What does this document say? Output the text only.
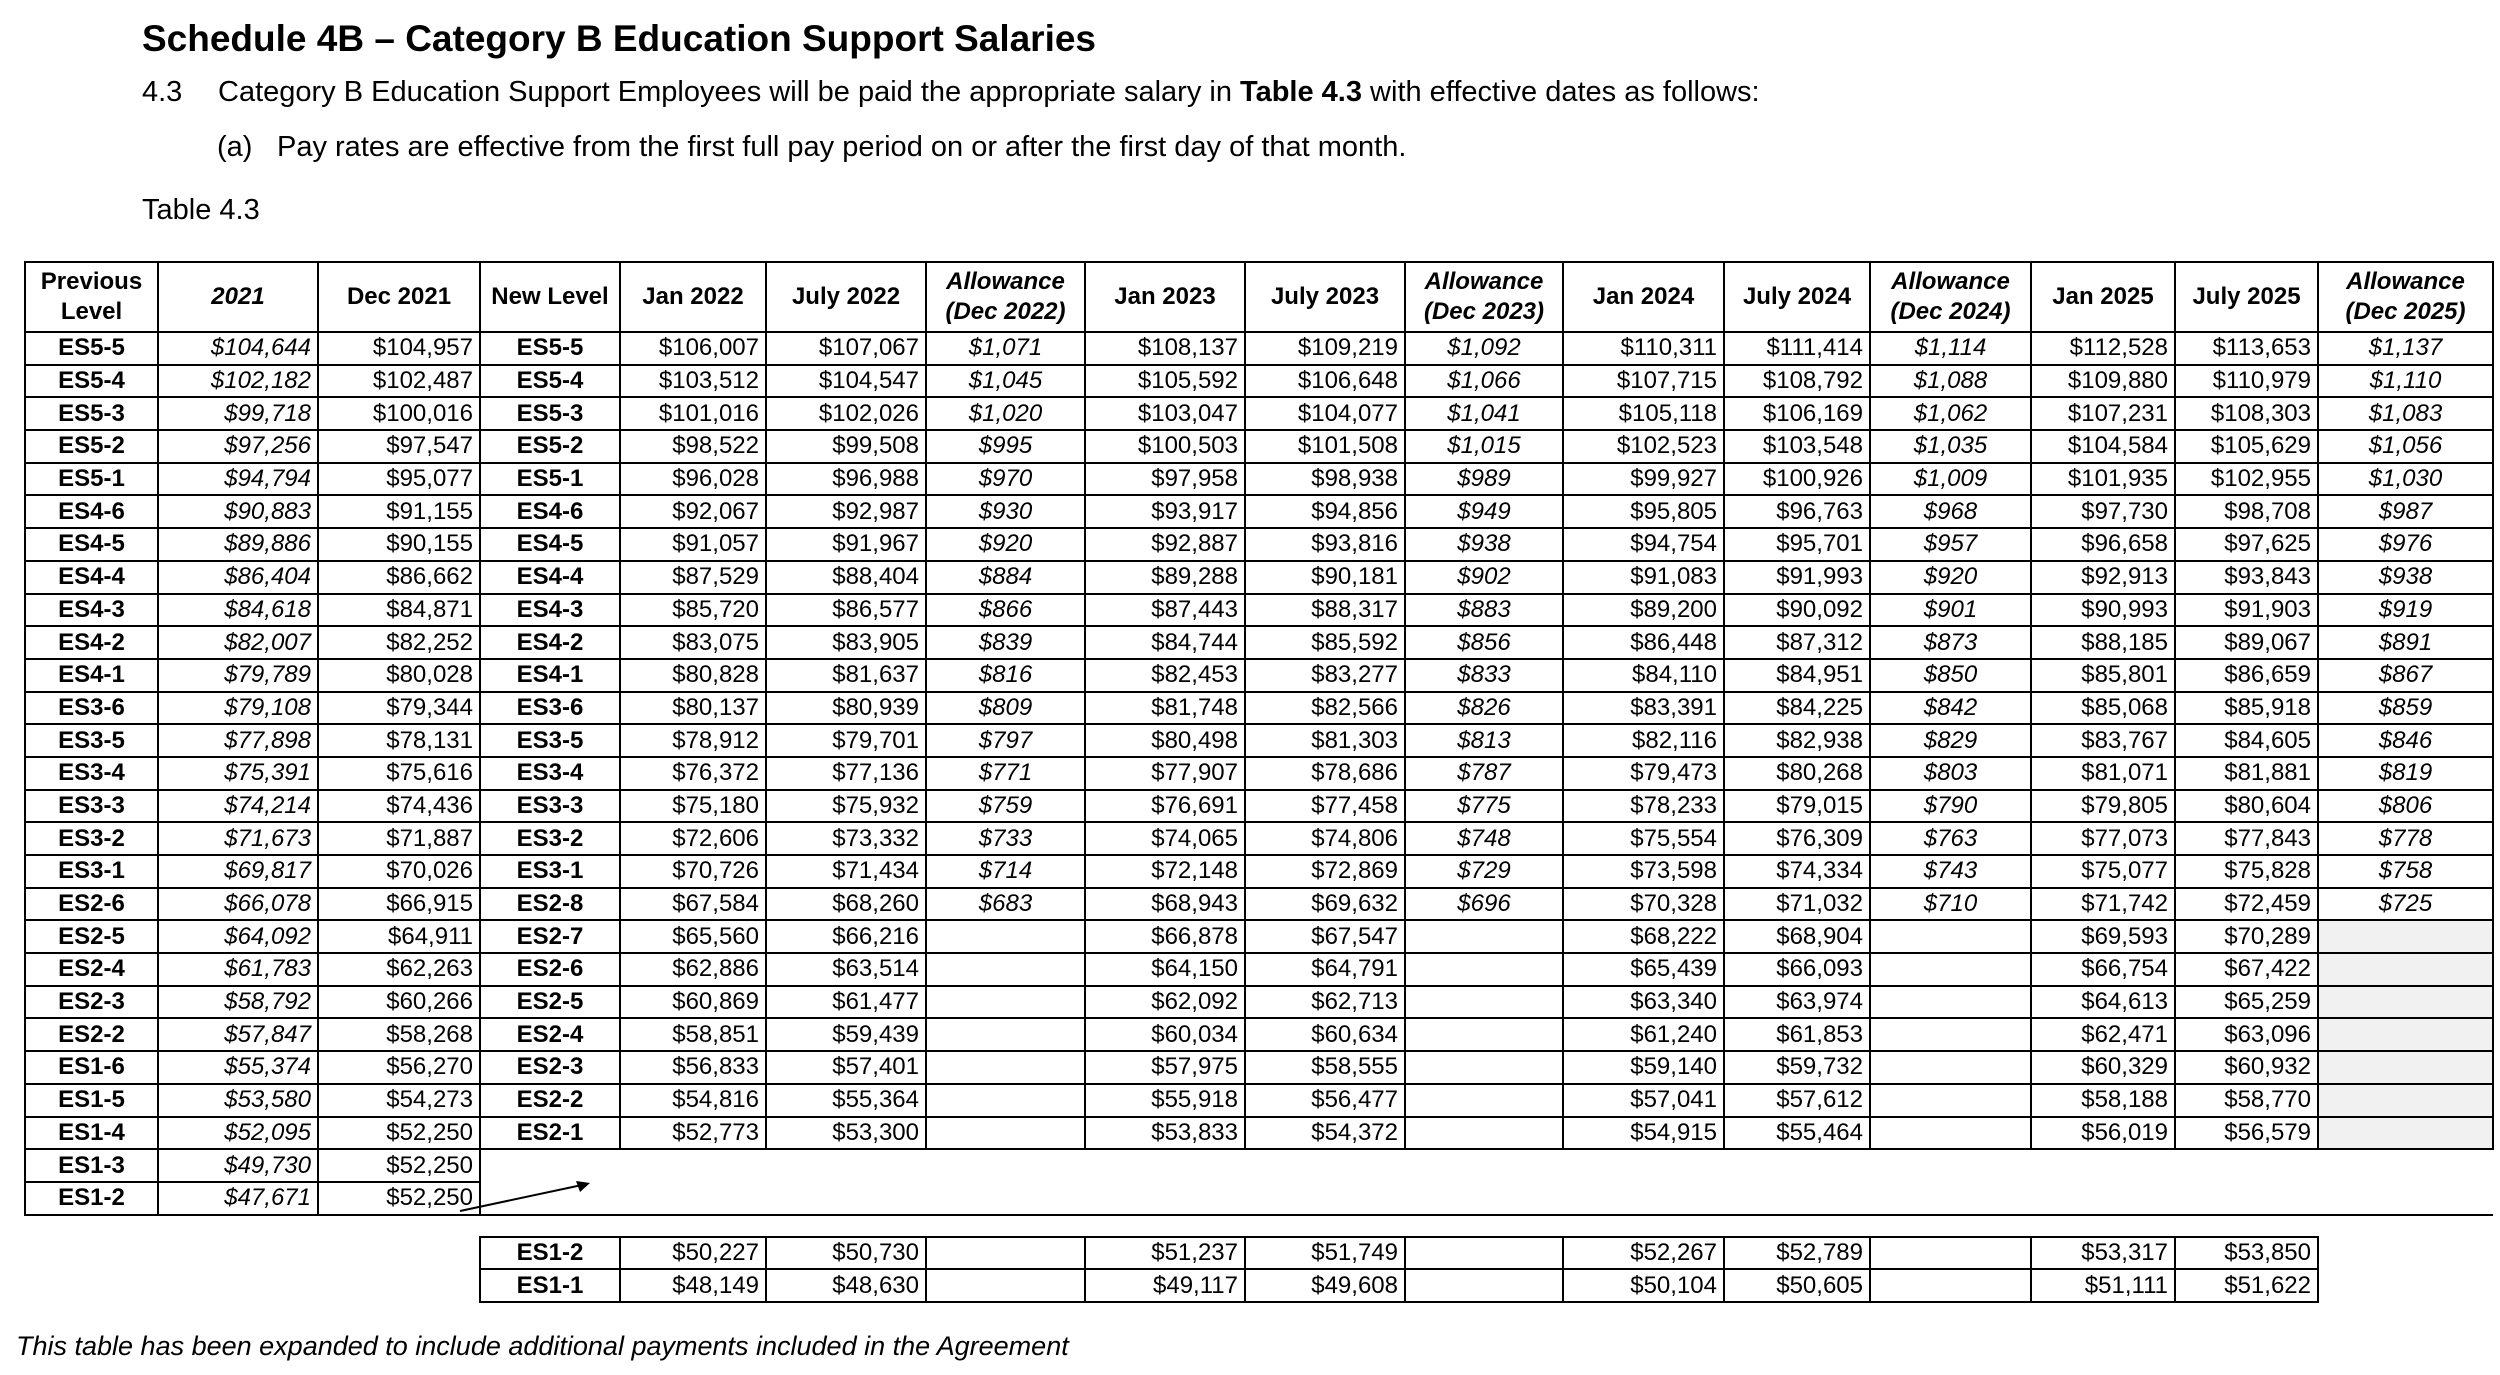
Schedule 4B – Category B Education Support Salaries
4.3 Category B Education Support Employees will be paid the appropriate salary in Table 4.3 with effective dates as follows:
(a) Pay rates are effective from the first full pay period on or after the first day of that month.
Table 4.3
Previous Level	2021	Dec 2021	New Level	Jan 2022	July 2022	Allowance (Dec 2022)	Jan 2023	July 2023	Allowance (Dec 2023)	Jan 2024	July 2024	Allowance (Dec 2024)	Jan 2025	July 2025	Allowance (Dec 2025)
ES5-5	$104,644	$104,957	ES5-5	$106,007	$107,067	$1,071	$108,137	$109,219	$1,092	$110,311	$111,414	$1,114	$112,528	$113,653	$1,137
ES5-4	$102,182	$102,487	ES5-4	$103,512	$104,547	$1,045	$105,592	$106,648	$1,066	$107,715	$108,792	$1,088	$109,880	$110,979	$1,110
ES5-3	$99,718	$100,016	ES5-3	$101,016	$102,026	$1,020	$103,047	$104,077	$1,041	$105,118	$106,169	$1,062	$107,231	$108,303	$1,083
ES5-2	$97,256	$97,547	ES5-2	$98,522	$99,508	$995	$100,503	$101,508	$1,015	$102,523	$103,548	$1,035	$104,584	$105,629	$1,056
ES5-1	$94,794	$95,077	ES5-1	$96,028	$96,988	$970	$97,958	$98,938	$989	$99,927	$100,926	$1,009	$101,935	$102,955	$1,030
ES4-6	$90,883	$91,155	ES4-6	$92,067	$92,987	$930	$93,917	$94,856	$949	$95,805	$96,763	$968	$97,730	$98,708	$987
ES4-5	$89,886	$90,155	ES4-5	$91,057	$91,967	$920	$92,887	$93,816	$938	$94,754	$95,701	$957	$96,658	$97,625	$976
ES4-4	$86,404	$86,662	ES4-4	$87,529	$88,404	$884	$89,288	$90,181	$902	$91,083	$91,993	$920	$92,913	$93,843	$938
ES4-3	$84,618	$84,871	ES4-3	$85,720	$86,577	$866	$87,443	$88,317	$883	$89,200	$90,092	$901	$90,993	$91,903	$919
ES4-2	$82,007	$82,252	ES4-2	$83,075	$83,905	$839	$84,744	$85,592	$856	$86,448	$87,312	$873	$88,185	$89,067	$891
ES4-1	$79,789	$80,028	ES4-1	$80,828	$81,637	$816	$82,453	$83,277	$833	$84,110	$84,951	$850	$85,801	$86,659	$867
ES3-6	$79,108	$79,344	ES3-6	$80,137	$80,939	$809	$81,748	$82,566	$826	$83,391	$84,225	$842	$85,068	$85,918	$859
ES3-5	$77,898	$78,131	ES3-5	$78,912	$79,701	$797	$80,498	$81,303	$813	$82,116	$82,938	$829	$83,767	$84,605	$846
ES3-4	$75,391	$75,616	ES3-4	$76,372	$77,136	$771	$77,907	$78,686	$787	$79,473	$80,268	$803	$81,071	$81,881	$819
ES3-3	$74,214	$74,436	ES3-3	$75,180	$75,932	$759	$76,691	$77,458	$775	$78,233	$79,015	$790	$79,805	$80,604	$806
ES3-2	$71,673	$71,887	ES3-2	$72,606	$73,332	$733	$74,065	$74,806	$748	$75,554	$76,309	$763	$77,073	$77,843	$778
ES3-1	$69,817	$70,026	ES3-1	$70,726	$71,434	$714	$72,148	$72,869	$729	$73,598	$74,334	$743	$75,077	$75,828	$758
ES2-6	$66,078	$66,915	ES2-8	$67,584	$68,260	$683	$68,943	$69,632	$696	$70,328	$71,032	$710	$71,742	$72,459	$725
ES2-5	$64,092	$64,911	ES2-7	$65,560	$66,216		$66,878	$67,547		$68,222	$68,904		$69,593	$70,289	
ES2-4	$61,783	$62,263	ES2-6	$62,886	$63,514		$64,150	$64,791		$65,439	$66,093		$66,754	$67,422	
ES2-3	$58,792	$60,266	ES2-5	$60,869	$61,477		$62,092	$62,713		$63,340	$63,974		$64,613	$65,259	
ES2-2	$57,847	$58,268	ES2-4	$58,851	$59,439		$60,034	$60,634		$61,240	$61,853		$62,471	$63,096	
ES1-6	$55,374	$56,270	ES2-3	$56,833	$57,401		$57,975	$58,555		$59,140	$59,732		$60,329	$60,932	
ES1-5	$53,580	$54,273	ES2-2	$54,816	$55,364		$55,918	$56,477		$57,041	$57,612		$58,188	$58,770	
ES1-4	$52,095	$52,250	ES2-1	$52,773	$53,300		$53,833	$54,372		$54,915	$55,464		$56,019	$56,579	
ES1-3	$49,730	$52,250													
ES1-2	$47,671	$52,250													

			ES1-2	$50,227	$50,730		$51,237	$51,749		$52,267	$52,789		$53,317	$53,850	
			ES1-1	$48,149	$48,630		$49,117	$49,608		$50,104	$50,605		$51,111	$51,622	
This table has been expanded to include additional payments included in the Agreement
